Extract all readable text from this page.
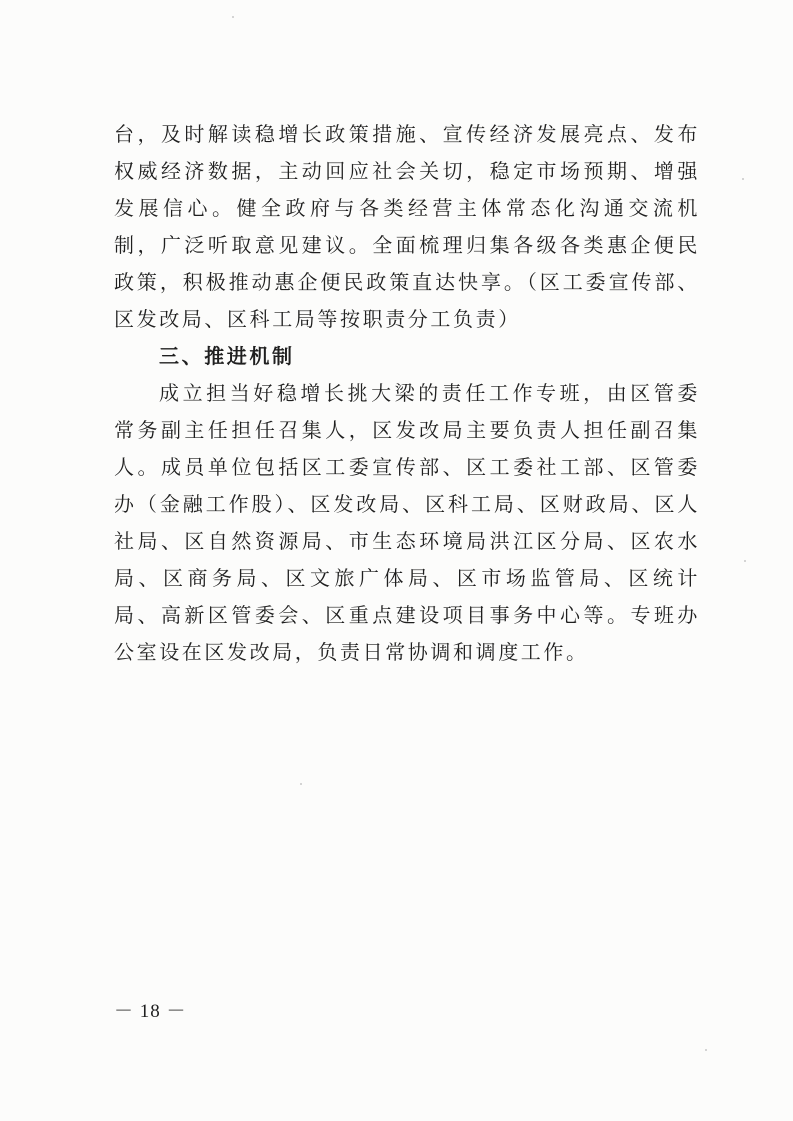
台，及时解读稳增长政策措施、宣传经济发展亮点、发布权威经济数据，主动回应社会关切，稳定市场预期、增强发展信心。健全政府与各类经营主体常态化沟通交流机制，广泛听取意见建议。全面梳理归集各级各类惠企便民政策，积极推动惠企便民政策直达快享。（区工委宣传部、区发改局、区科工局等按职责分工负责）

三、推进机制

成立担当好稳增长挑大梁的责任工作专班，由区管委常务副主任担任召集人，区发改局主要负责人担任副召集人。成员单位包括区工委宣传部、区工委社工部、区管委办（金融工作股）、区发改局、区科工局、区财政局、区人社局、区自然资源局、市生态环境局洪江区分局、区农水局、区商务局、区文旅广体局、区市场监管局、区统计局、高新区管委会、区重点建设项目事务中心等。专班办公室设在区发改局，负责日常协调和调度工作。

－ 18 －
